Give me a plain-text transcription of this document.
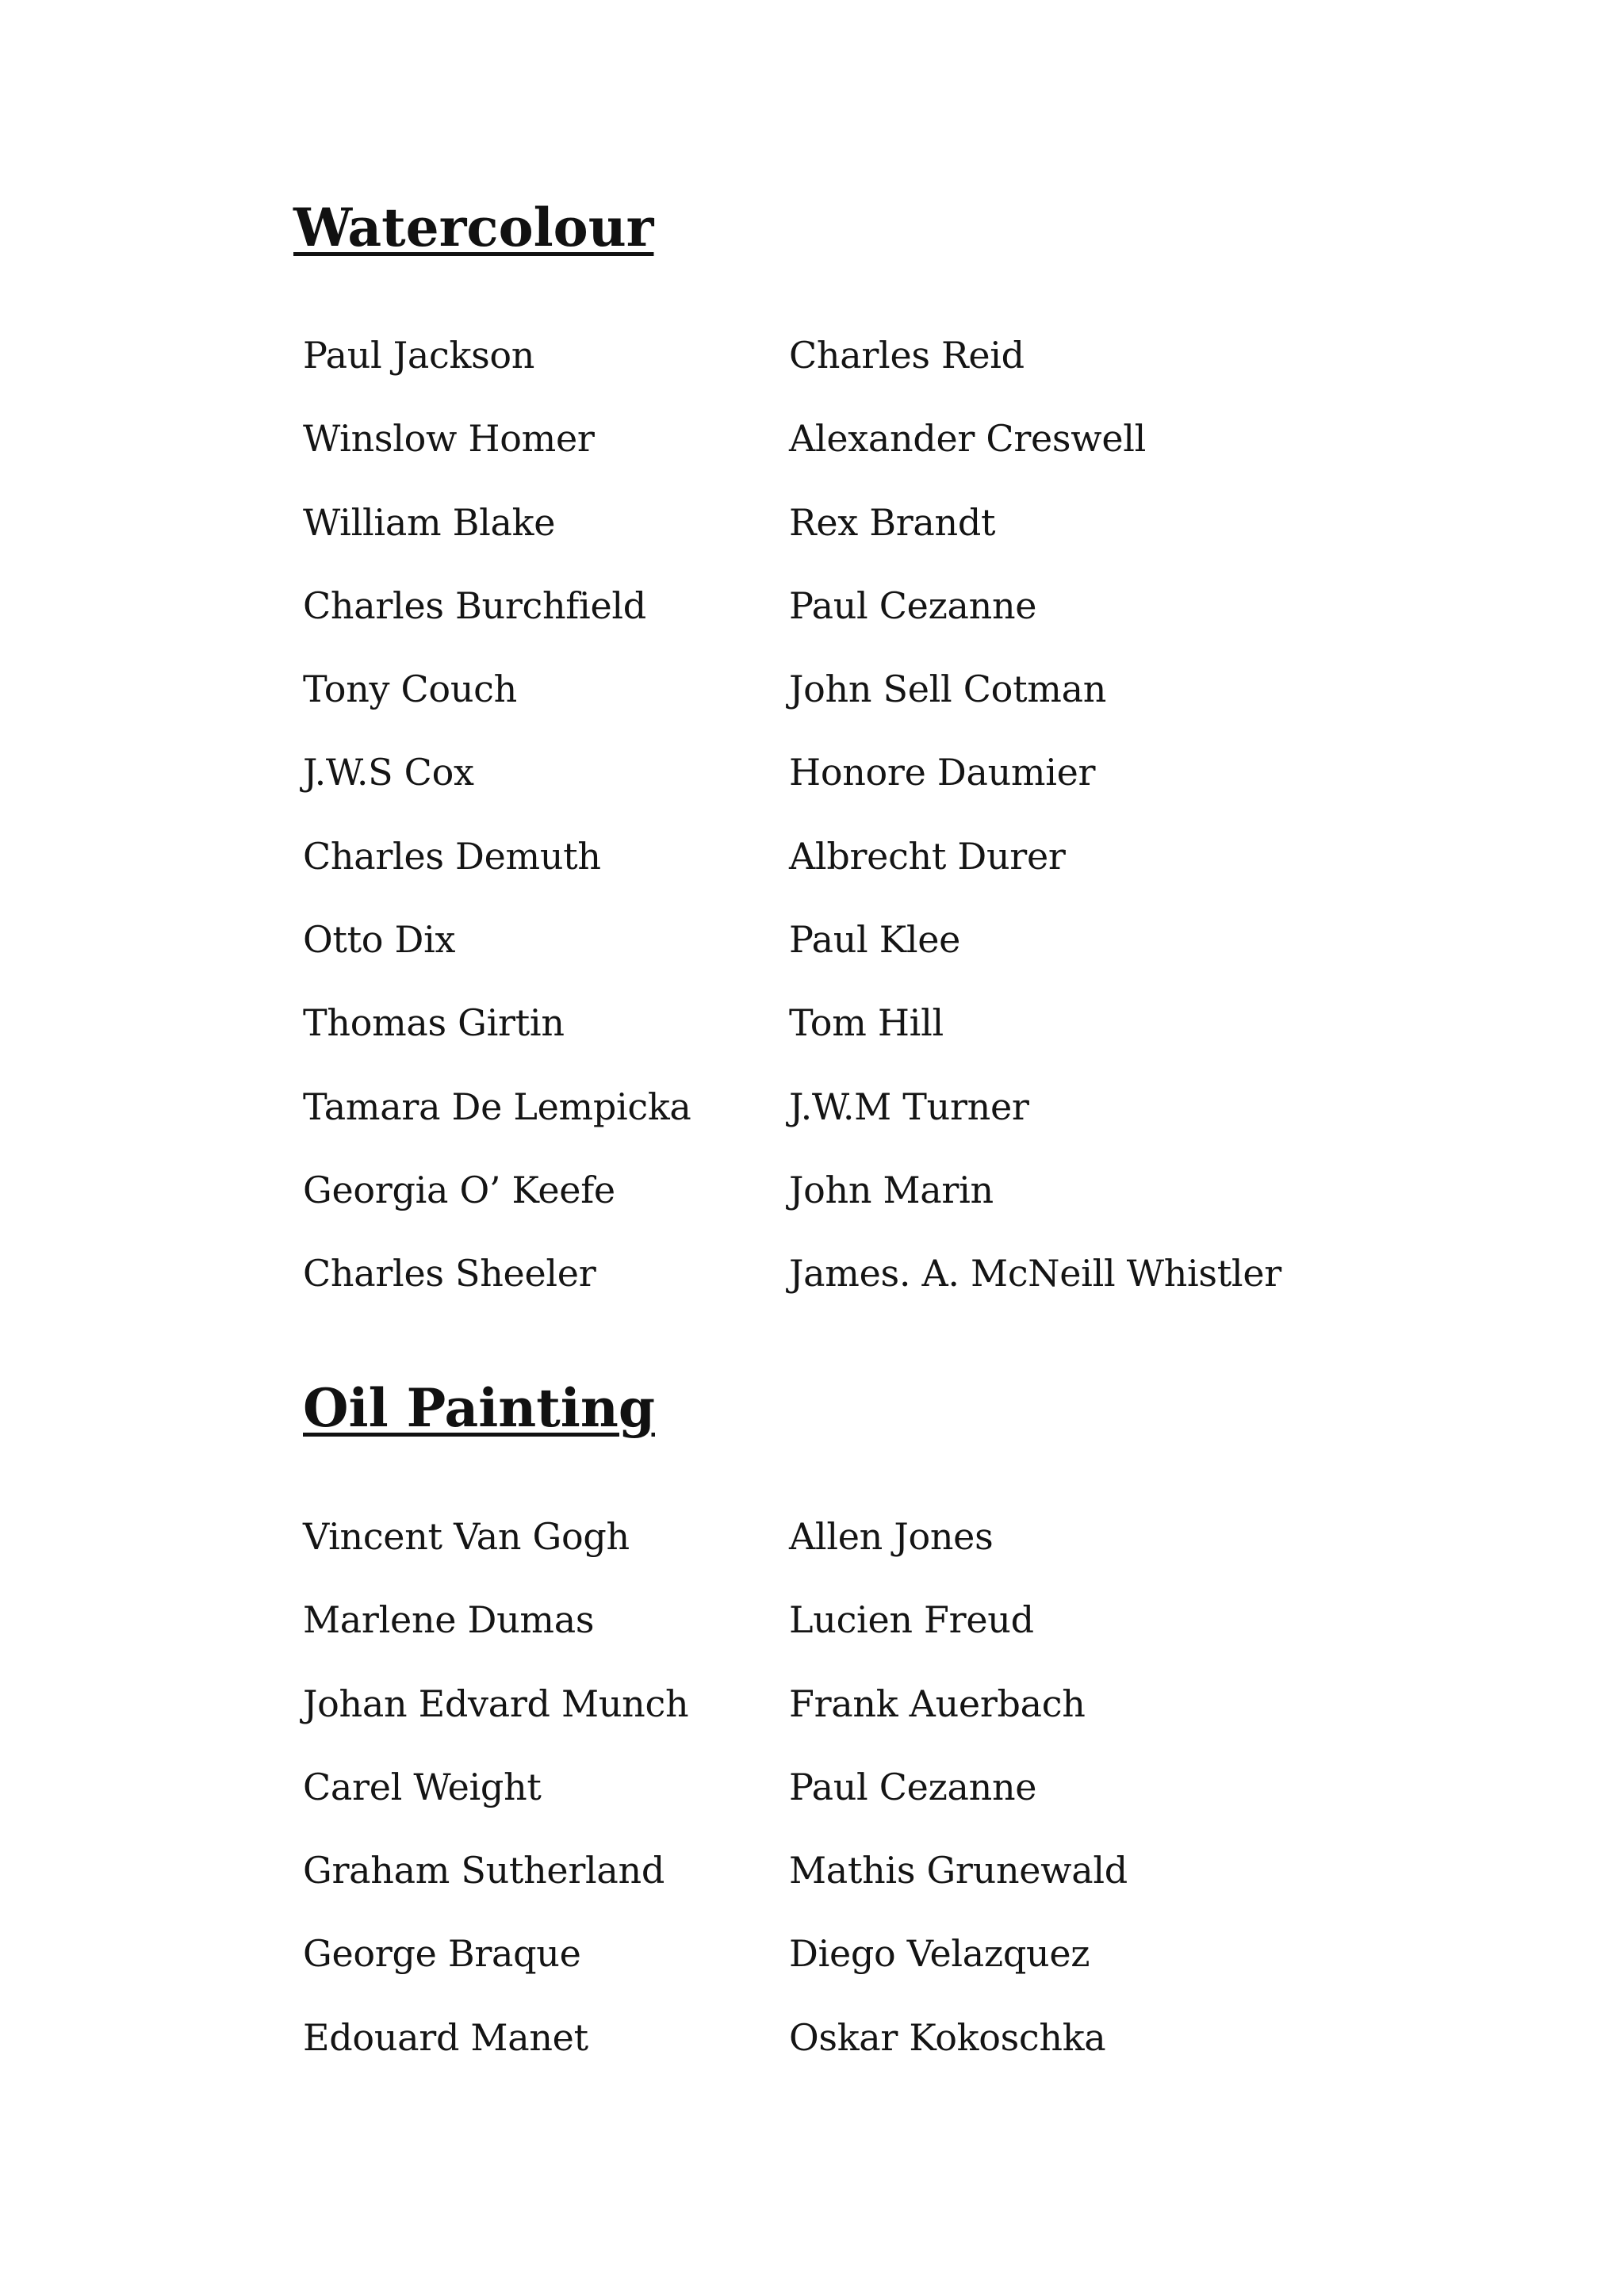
Watercolour
Paul Jackson	Charles Reid
Winslow Homer	Alexander Creswell
William Blake	Rex Brandt
Charles Burchfield	Paul Cezanne
Tony Couch	John Sell Cotman
J.W.S Cox	Honore Daumier
Charles Demuth	Albrecht Durer
Otto Dix	Paul Klee
Thomas Girtin	Tom Hill
Tamara De Lempicka	J.W.M Turner
Georgia O’ Keefe	John Marin
Charles Sheeler	James. A. McNeill Whistler
Oil Painting
Vincent Van Gogh	Allen Jones
Marlene Dumas	Lucien Freud
Johan Edvard Munch	Frank Auerbach
Carel Weight	Paul Cezanne
Graham Sutherland	Mathis Grunewald
George Braque	Diego Velazquez
Edouard Manet	Oskar Kokoschka
